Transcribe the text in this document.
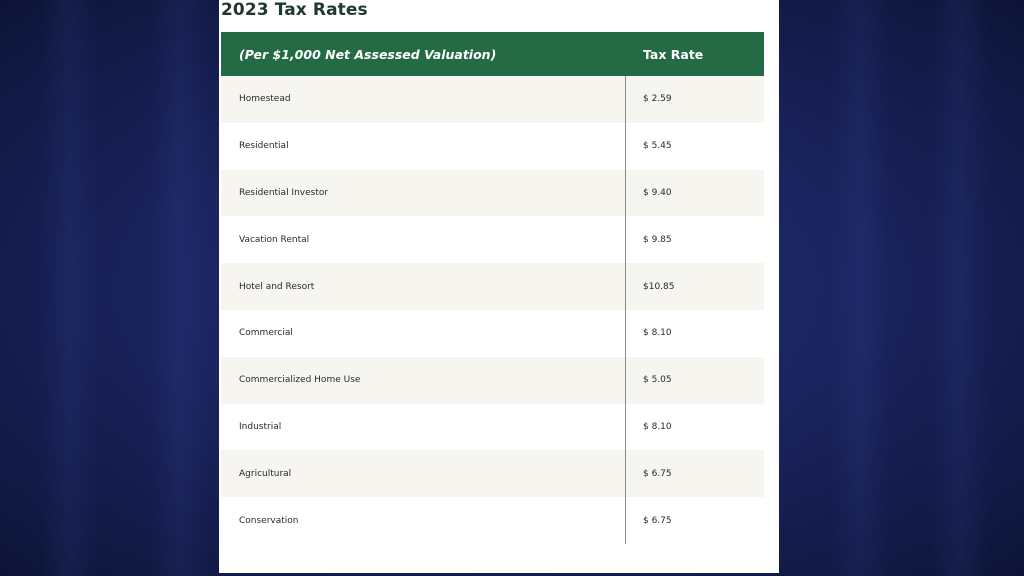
2023 Tax Rates
(Per $1,000 Net Assessed Valuation)	Tax Rate
Homestead	$ 2.59
Residential	$ 5.45
Residential Investor	$ 9.40
Vacation Rental	$ 9.85
Hotel and Resort	$10.85
Commercial	$ 8.10
Commercialized Home Use	$ 5.05
Industrial	$ 8.10
Agricultural	$ 6.75
Conservation	$ 6.75
